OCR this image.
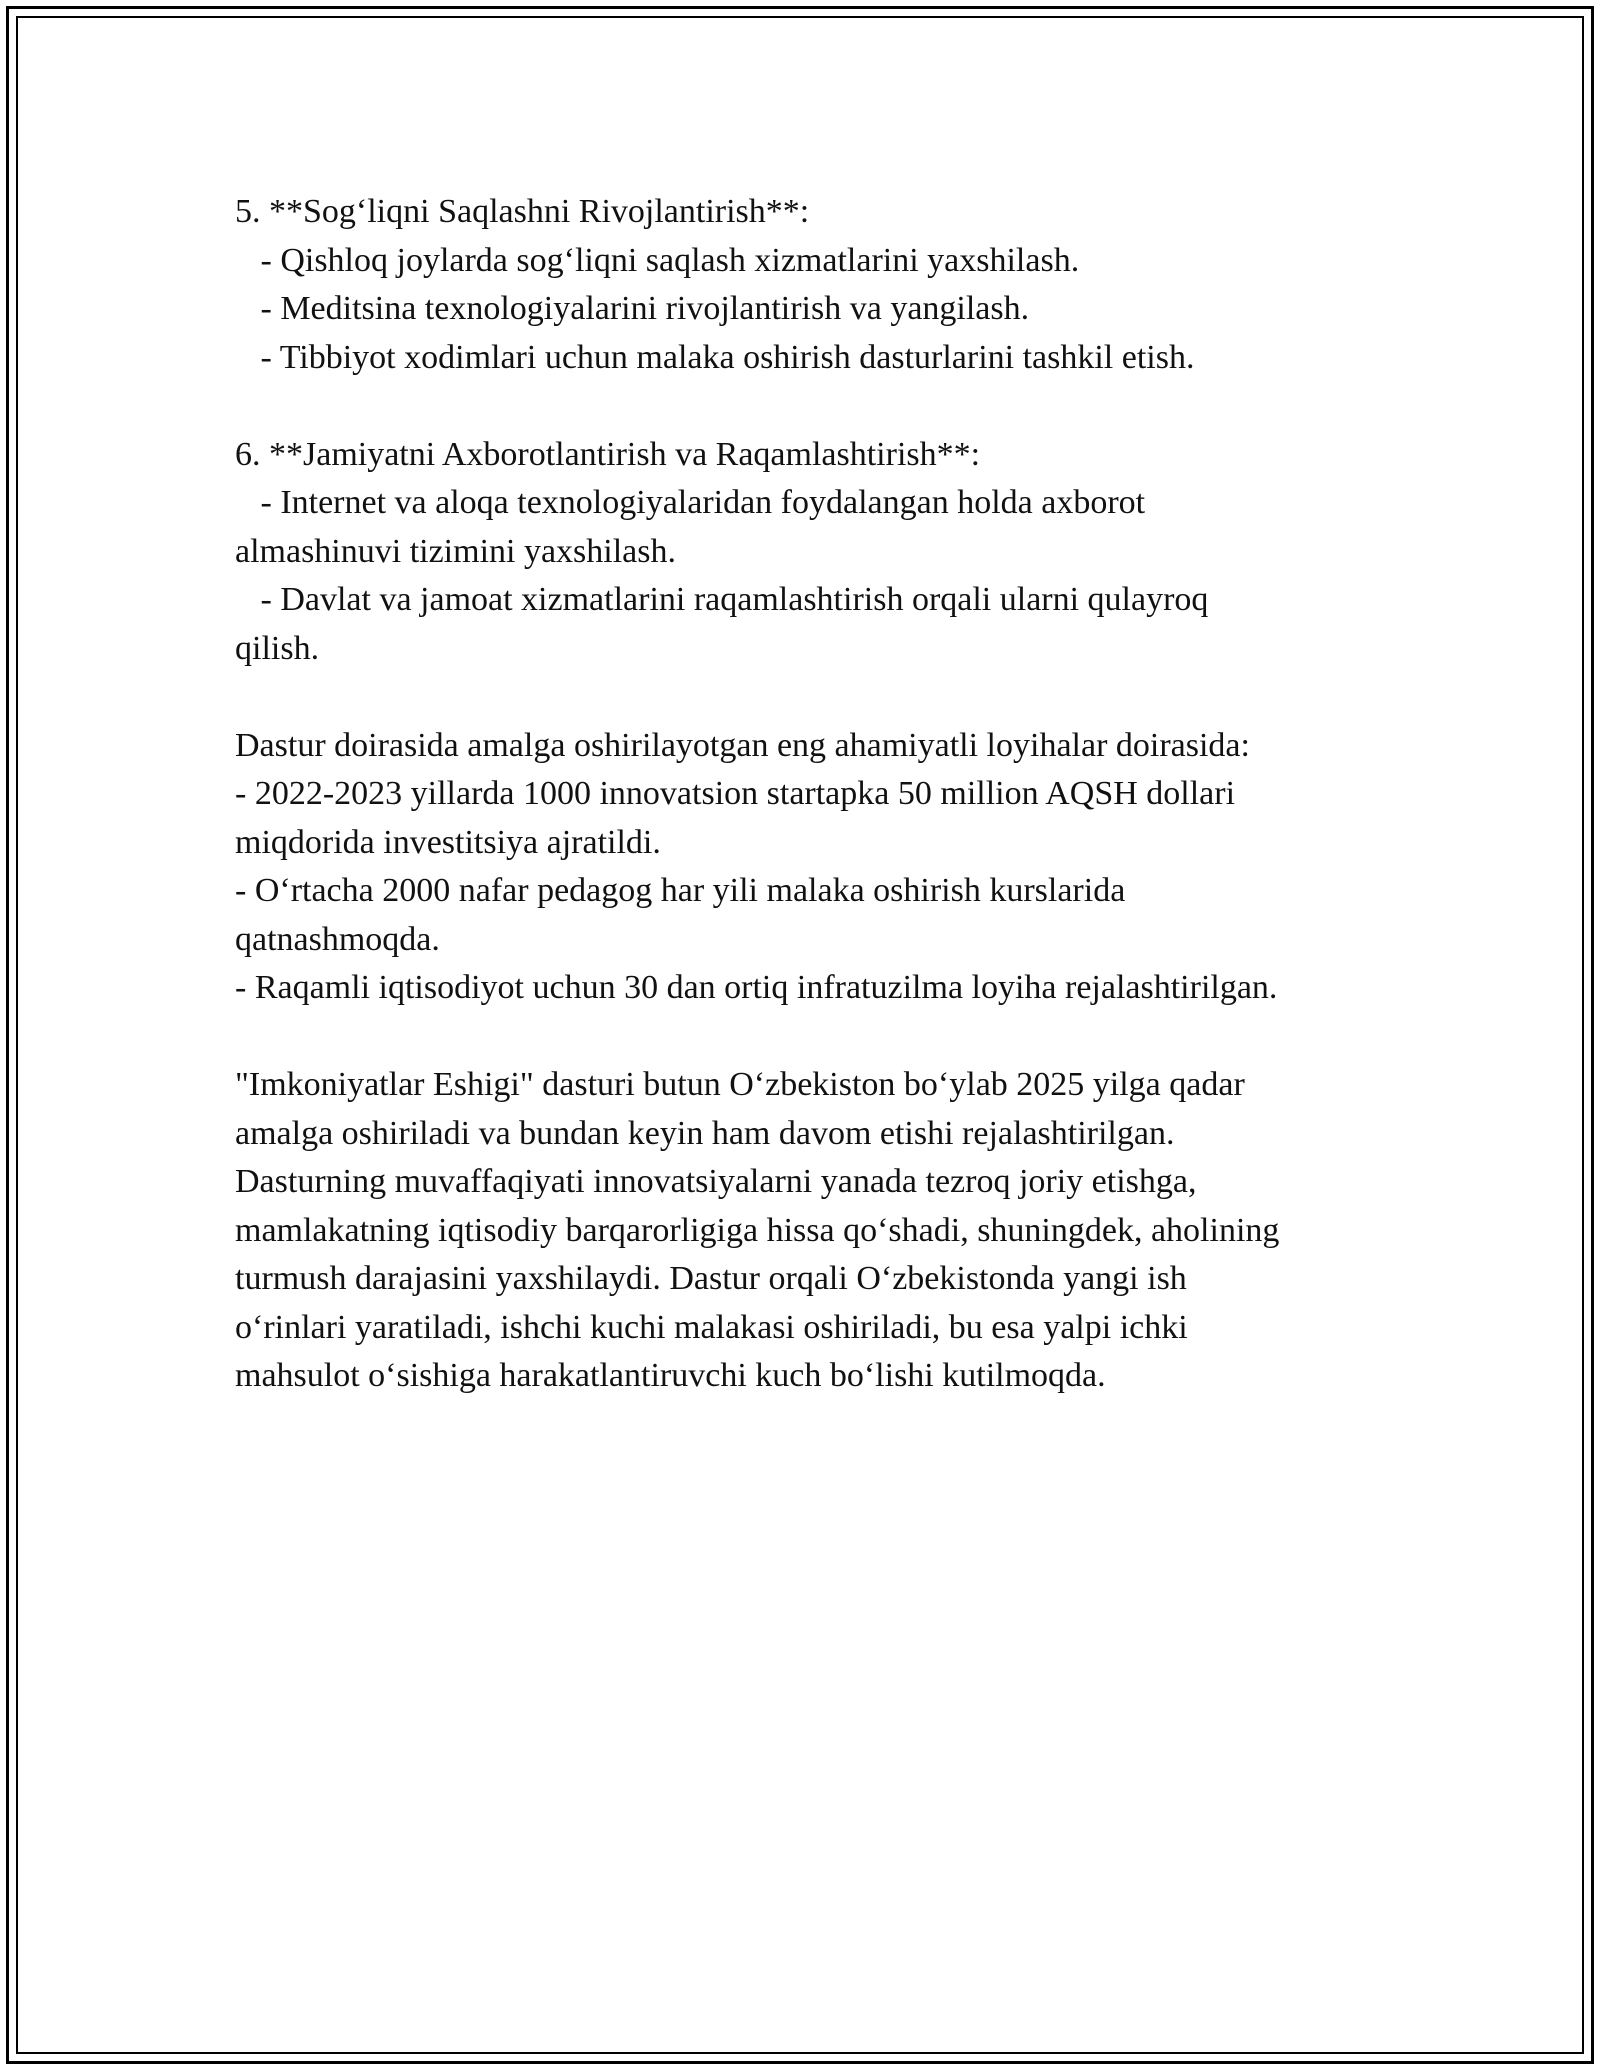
5. **Sog‘liqni Saqlashni Rivojlantirish**:
- Qishloq joylarda sog‘liqni saqlash xizmatlarini yaxshilash.
- Meditsina texnologiyalarini rivojlantirish va yangilash.
- Tibbiyot xodimlari uchun malaka oshirish dasturlarini tashkil etish.
6. **Jamiyatni Axborotlantirish va Raqamlashtirish**:
- Internet va aloqa texnologiyalaridan foydalangan holda axborot
almashinuvi tizimini yaxshilash.
- Davlat va jamoat xizmatlarini raqamlashtirish orqali ularni qulayroq
qilish.
Dastur doirasida amalga oshirilayotgan eng ahamiyatli loyihalar doirasida:
- 2022-2023 yillarda 1000 innovatsion startapka 50 million AQSH dollari
miqdorida investitsiya ajratildi.
- O‘rtacha 2000 nafar pedagog har yili malaka oshirish kurslarida
qatnashmoqda.
- Raqamli iqtisodiyot uchun 30 dan ortiq infratuzilma loyiha rejalashtirilgan.
"Imkoniyatlar Eshigi" dasturi butun O‘zbekiston bo‘ylab 2025 yilga qadar
amalga oshiriladi va bundan keyin ham davom etishi rejalashtirilgan.
Dasturning muvaffaqiyati innovatsiyalarni yanada tezroq joriy etishga,
mamlakatning iqtisodiy barqarorligiga hissa qo‘shadi, shuningdek, aholining
turmush darajasini yaxshilaydi. Dastur orqali O‘zbekistonda yangi ish
o‘rinlari yaratiladi, ishchi kuchi malakasi oshiriladi, bu esa yalpi ichki
mahsulot o‘sishiga harakatlantiruvchi kuch bo‘lishi kutilmoqda.
